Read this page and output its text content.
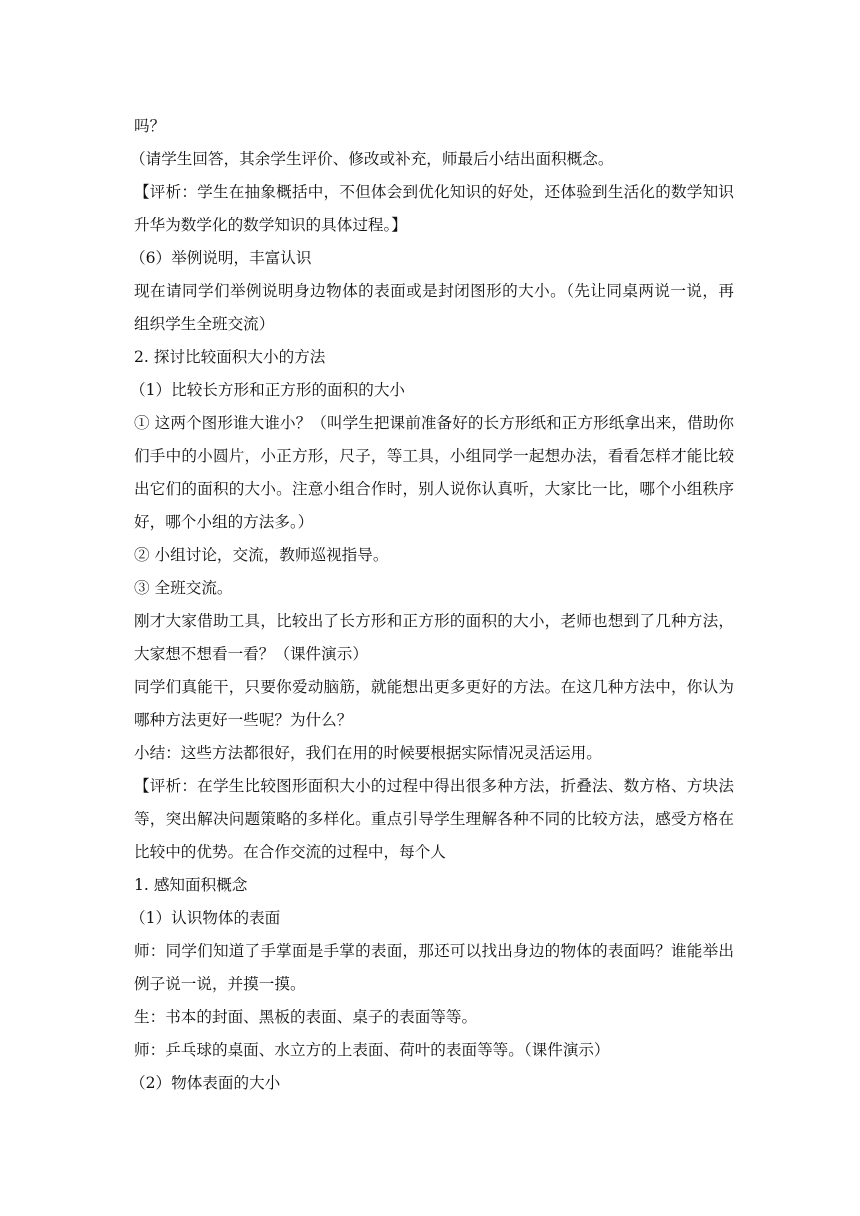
吗？

（请学生回答，其余学生评价、修改或补充，师最后小结出面积概念。

【评析：学生在抽象概括中，不但体会到优化知识的好处，还体验到生活化的数学知识升华为数学化的数学知识的具体过程。】

（6）举例说明，丰富认识

现在请同学们举例说明身边物体的表面或是封闭图形的大小。（先让同桌两说一说，再组织学生全班交流）

2. 探讨比较面积大小的方法

（1）比较长方形和正方形的面积的大小

① 这两个图形谁大谁小？（叫学生把课前准备好的长方形纸和正方形纸拿出来，借助你们手中的小圆片，小正方形，尺子，等工具，小组同学一起想办法，看看怎样才能比较出它们的面积的大小。注意小组合作时，别人说你认真听，大家比一比，哪个小组秩序好，哪个小组的方法多。）

② 小组讨论，交流，教师巡视指导。

③ 全班交流。

刚才大家借助工具，比较出了长方形和正方形的面积的大小，老师也想到了几种方法，大家想不想看一看？（课件演示）

同学们真能干，只要你爱动脑筋，就能想出更多更好的方法。在这几种方法中，你认为哪种方法更好一些呢？为什么？

小结：这些方法都很好，我们在用的时候要根据实际情况灵活运用。

【评析：在学生比较图形面积大小的过程中得出很多种方法，折叠法、数方格、方块法等，突出解决问题策略的多样化。重点引导学生理解各种不同的比较方法，感受方格在比较中的优势。在合作交流的过程中，每个人

1. 感知面积概念

（1）认识物体的表面

师：同学们知道了手掌面是手掌的表面，那还可以找出身边的物体的表面吗？谁能举出例子说一说，并摸一摸。

生：书本的封面、黑板的表面、桌子的表面等等。

师：乒乓球的桌面、水立方的上表面、荷叶的表面等等。（课件演示）

（2）物体表面的大小
